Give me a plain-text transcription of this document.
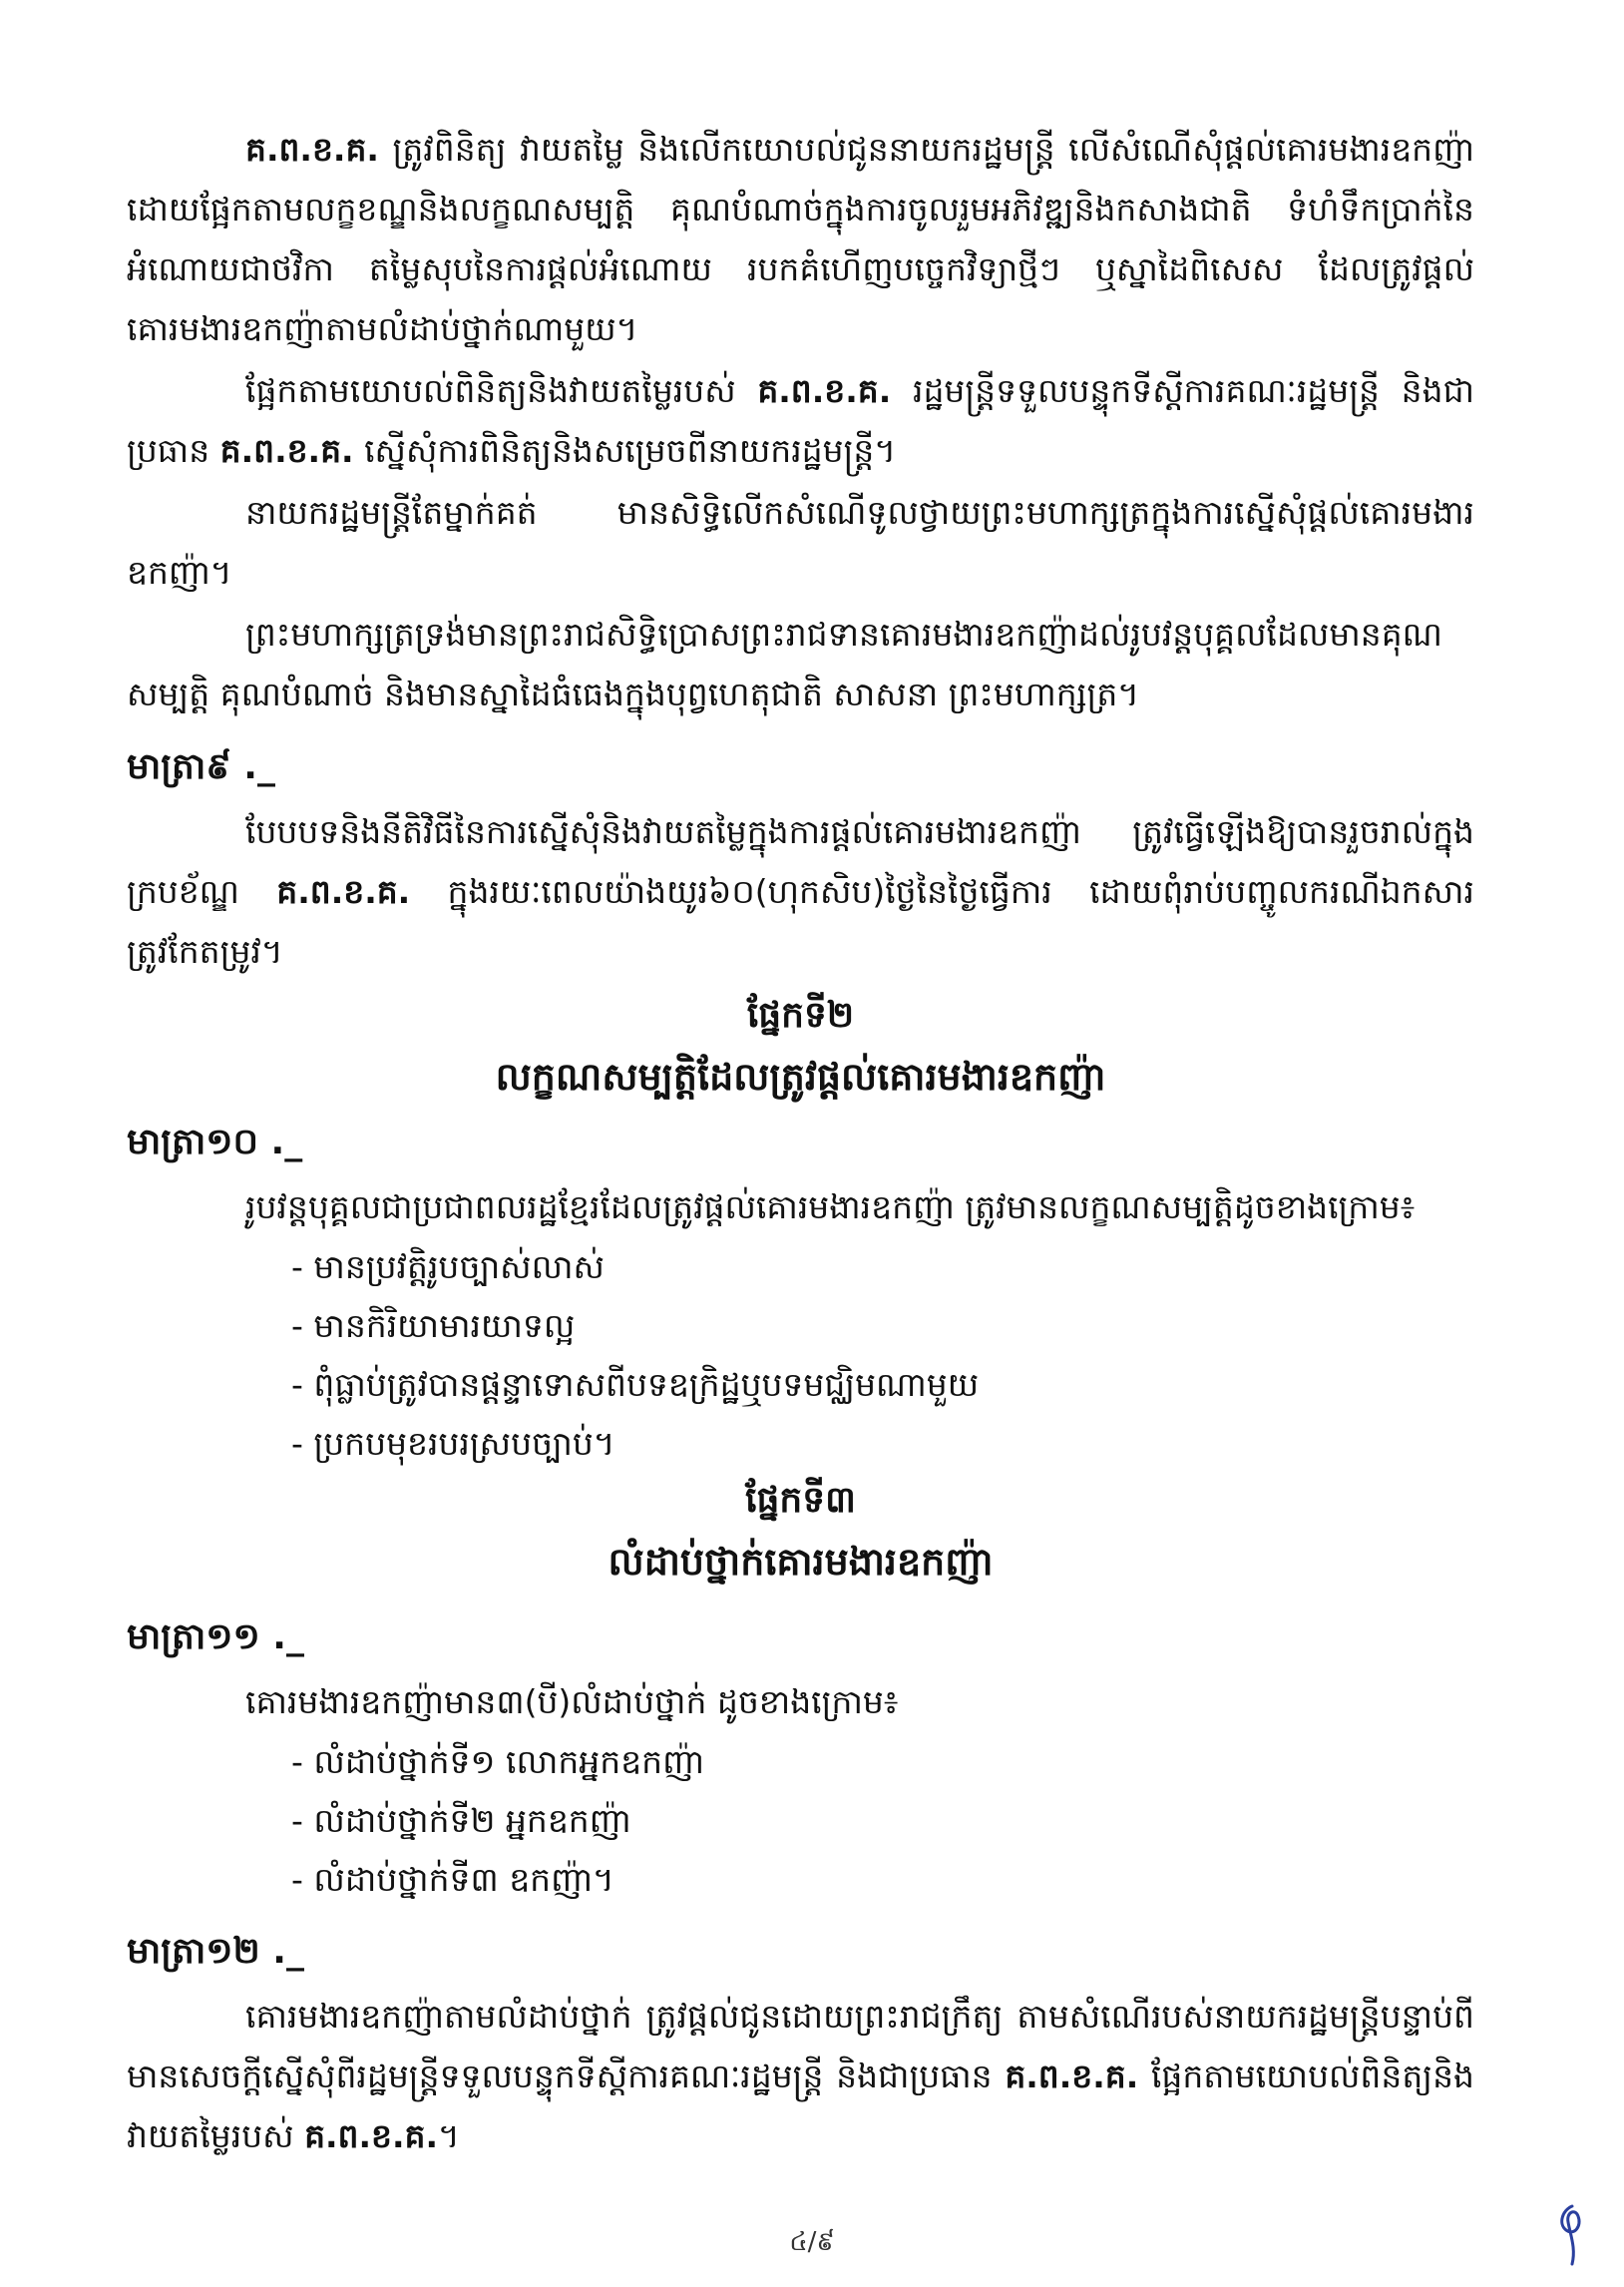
គ.ព.ខ.គ. ត្រូវពិនិត្យ វាយតម្លៃ និងលើកយោបល់ជូននាយករដ្ឋមន្ត្រី លើសំណើសុំផ្តល់គោរមងារឧកញ៉ា ដោយផ្អែកតាមលក្ខខណ្ឌនិងលក្ខណសម្បត្តិ គុណបំណាច់ក្នុងការចូលរួមអភិវឌ្ឍនិងកសាងជាតិ ទំហំទឹកប្រាក់នៃអំណោយជាថវិកា តម្លៃសុបនៃការផ្តល់អំណោយ របកគំហើញបច្ចេកវិទ្យាថ្មីៗ ឬស្នាដៃពិសេស ដែលត្រូវផ្តល់គោរមងារឧកញ៉ាតាមលំដាប់ថ្នាក់ណាមួយ។

ផ្អែកតាមយោបល់ពិនិត្យនិងវាយតម្លៃរបស់ គ.ព.ខ.គ. រដ្ឋមន្ត្រីទទួលបន្ទុកទីស្តីការគណៈរដ្ឋមន្ត្រី និងជាប្រធាន គ.ព.ខ.គ. ស្នើសុំការពិនិត្យនិងសម្រេចពីនាយករដ្ឋមន្ត្រី។

នាយករដ្ឋមន្ត្រីតែម្នាក់គត់ មានសិទ្ធិលើកសំណើទូលថ្វាយព្រះមហាក្សត្រក្នុងការស្នើសុំផ្តល់គោរមងារឧកញ៉ា។

ព្រះមហាក្សត្រទ្រង់មានព្រះរាជសិទ្ធិប្រោសព្រះរាជទានគោរមងារឧកញ៉ាដល់រូបវន្តបុគ្គលដែលមានគុណសម្បត្តិ គុណបំណាច់ និងមានស្នាដៃធំធេងក្នុងបុព្វហេតុជាតិ សាសនា ព្រះមហាក្សត្រ។

មាត្រា៩ ._

បែបបទនិងនីតិវិធីនៃការស្នើសុំនិងវាយតម្លៃក្នុងការផ្តល់គោរមងារឧកញ៉ា ត្រូវធ្វើឡើងឱ្យបានរួចរាល់ក្នុងក្របខ័ណ្ឌ គ.ព.ខ.គ. ក្នុងរយៈពេលយ៉ាងយូរ៦០(ហុកសិប)ថ្ងៃនៃថ្ងៃធ្វើការ ដោយពុំរាប់បញ្ចូលករណីឯកសារត្រូវកែតម្រូវ។

ផ្នែកទី២
លក្ខណសម្បត្តិដែលត្រូវផ្តល់គោរមងារឧកញ៉ា
មាត្រា១០ ._
រូបវន្តបុគ្គលជាប្រជាពលរដ្ឋខ្មែរដែលត្រូវផ្តល់គោរមងារឧកញ៉ា ត្រូវមានលក្ខណសម្បត្តិដូចខាងក្រោម៖
- មានប្រវត្តិរូបច្បាស់លាស់
- មានកិរិយាមារយាទល្អ
- ពុំធ្លាប់ត្រូវបានផ្តន្ទាទោសពីបទឧក្រិដ្ឋឬបទមជ្ឈិមណាមួយ
- ប្រកបមុខរបរស្របច្បាប់។
ផ្នែកទី៣
លំដាប់ថ្នាក់គោរមងារឧកញ៉ា
មាត្រា១១ ._
គោរមងារឧកញ៉ាមាន៣(បី)លំដាប់ថ្នាក់ ដូចខាងក្រោម៖
- លំដាប់ថ្នាក់ទី១ លោកអ្នកឧកញ៉ា
- លំដាប់ថ្នាក់ទី២ អ្នកឧកញ៉ា
- លំដាប់ថ្នាក់ទី៣ ឧកញ៉ា។
មាត្រា១២ ._

គោរមងារឧកញ៉ាតាមលំដាប់ថ្នាក់ ត្រូវផ្តល់ជូនដោយព្រះរាជក្រឹត្យ តាមសំណើរបស់នាយករដ្ឋមន្ត្រីបន្ទាប់ពីមានសេចក្តីស្នើសុំពីរដ្ឋមន្ត្រីទទួលបន្ទុកទីស្តីការគណៈរដ្ឋមន្ត្រី និងជាប្រធាន គ.ព.ខ.គ. ផ្អែកតាមយោបល់ពិនិត្យនិងវាយតម្លៃរបស់ គ.ព.ខ.គ.។

៤/៩
